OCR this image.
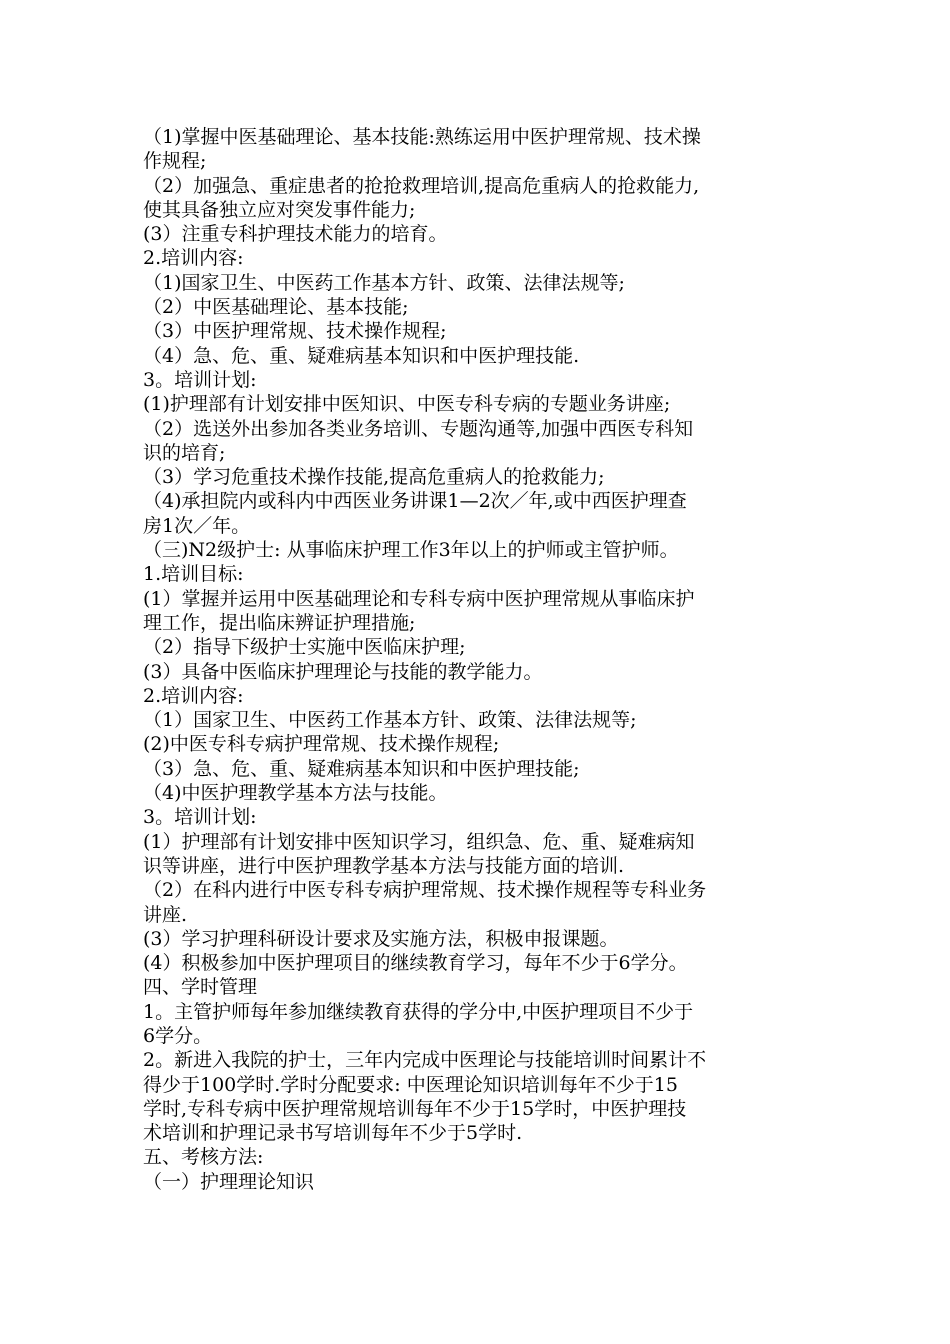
（1)掌握中医基础理论、基本技能:熟练运用中医护理常规、技术操
作规程;
（2）加强急、重症患者的抢抢救理培训,提高危重病人的抢救能力,
使其具备独立应对突发事件能力;
(3）注重专科护理技术能力的培育。
2.培训内容:
（1)国家卫生、中医药工作基本方针、政策、法律法规等;
（2）中医基础理论、基本技能;
（3）中医护理常规、技术操作规程;
（4）急、危、重、疑难病基本知识和中医护理技能.
3。培训计划:
(1)护理部有计划安排中医知识、中医专科专病的专题业务讲座;
（2）选送外出参加各类业务培训、专题沟通等,加强中西医专科知
识的培育;
（3）学习危重技术操作技能,提高危重病人的抢救能力;
（4)承担院内或科内中西医业务讲课1—2次／年,或中西医护理查
房1次／年。
（三)N2级护士: 从事临床护理工作3年以上的护师或主管护师。
1.培训目标:
(1）掌握并运用中医基础理论和专科专病中医护理常规从事临床护
理工作，提出临床辨证护理措施;
（2）指导下级护士实施中医临床护理;
(3）具备中医临床护理理论与技能的教学能力。
2.培训内容:
（1）国家卫生、中医药工作基本方针、政策、法律法规等;
(2)中医专科专病护理常规、技术操作规程;
（3）急、危、重、疑难病基本知识和中医护理技能;
（4)中医护理教学基本方法与技能。
3。培训计划:
(1）护理部有计划安排中医知识学习，组织急、危、重、疑难病知
识等讲座，进行中医护理教学基本方法与技能方面的培训.
（2）在科内进行中医专科专病护理常规、技术操作规程等专科业务
讲座.
(3）学习护理科研设计要求及实施方法，积极申报课题。
(4）积极参加中医护理项目的继续教育学习，每年不少于6学分。
四、学时管理
1。主管护师每年参加继续教育获得的学分中,中医护理项目不少于
6学分。
2。新进入我院的护士，三年内完成中医理论与技能培训时间累计不
得少于100学时.学时分配要求: 中医理论知识培训每年不少于15
学时,专科专病中医护理常规培训每年不少于15学时，中医护理技
术培训和护理记录书写培训每年不少于5学时.
五、考核方法:
（一）护理理论知识
